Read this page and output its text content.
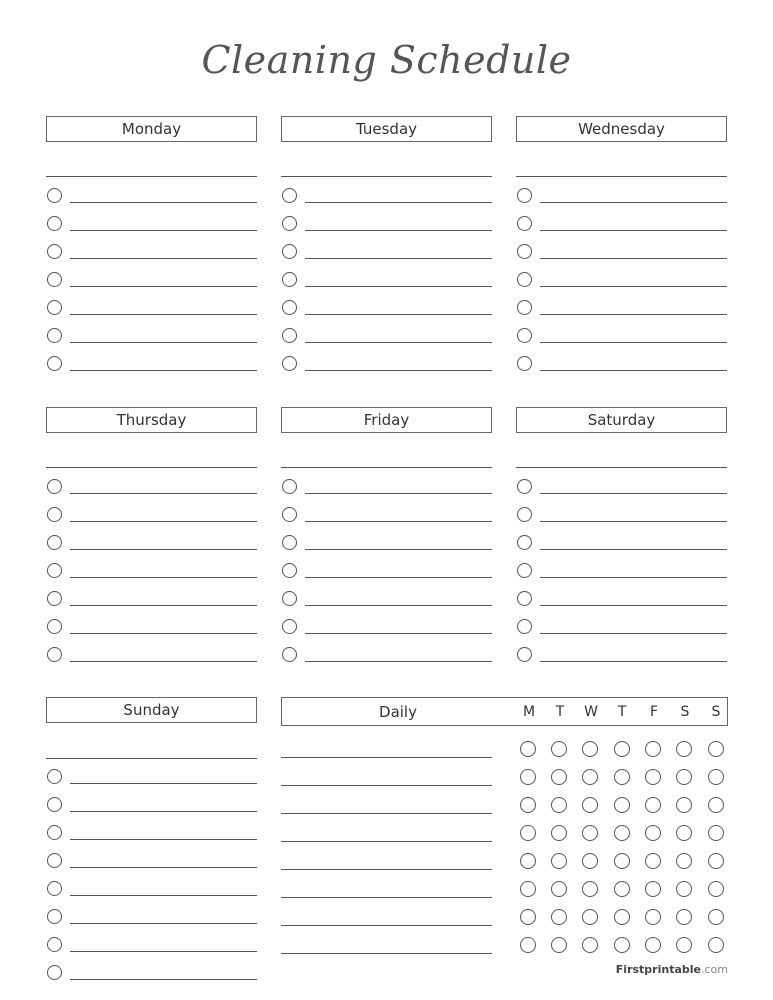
Cleaning Schedule
Monday	Tuesday	Wednesday
Thursday	Friday	Saturday
Sunday	Daily	M	T	W	T	F	S	S
Firstprintable.com
